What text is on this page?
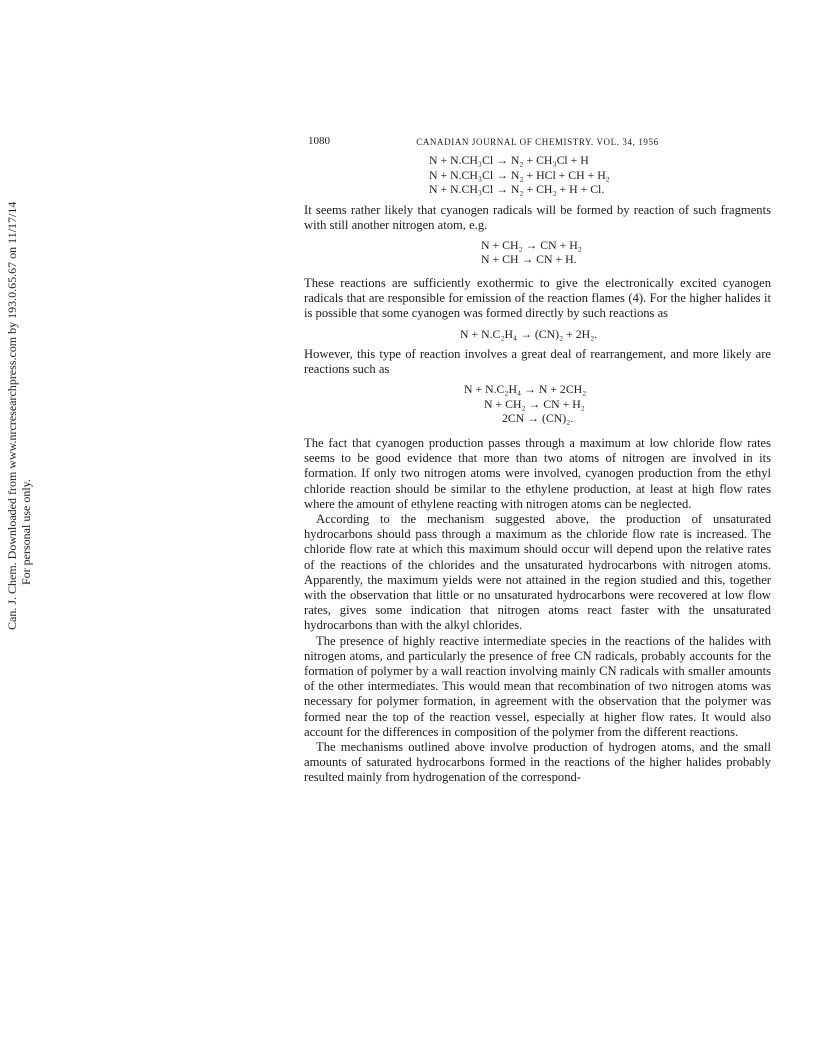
Can. J. Chem. Downloaded from www.nrcresearchpress.com by 193.0.65.67 on 11/17/14 For personal use only.
1080	CANADIAN JOURNAL OF CHEMISTRY. VOL. 34, 1956
N + N.CH₃Cl → N₂ + CH₃Cl + H
N + N.CH₃Cl → N₂ + HCl + CH + H₂
N + N.CH₃Cl → N₂ + CH₂ + H + Cl.

It seems rather likely that cyanogen radicals will be formed by reaction of such fragments with still another nitrogen atom, e.g.

N + CH₂ → CN + H₂
N + CH → CN + H.

These reactions are sufficiently exothermic to give the electronically excited cyanogen radicals that are responsible for emission of the reaction flames (4). For the higher halides it is possible that some cyanogen was formed directly by such reactions as

N + N.C₂H₄ → (CN)₂ + 2H₂.

However, this type of reaction involves a great deal of rearrangement, and more likely are reactions such as

N + N.C₂H₄ → N + 2CH₂
N + CH₂ → CN + H₂
2CN → (CN)₂.

The fact that cyanogen production passes through a maximum at low chloride flow rates seems to be good evidence that more than two atoms of nitrogen are involved in its formation. If only two nitrogen atoms were involved, cyanogen production from the ethyl chloride reaction should be similar to the ethylene production, at least at high flow rates where the amount of ethylene reacting with nitrogen atoms can be neglected.

According to the mechanism suggested above, the production of unsaturated hydrocarbons should pass through a maximum as the chloride flow rate is increased. The chloride flow rate at which this maximum should occur will depend upon the relative rates of the reactions of the chlorides and the unsaturated hydrocarbons with nitrogen atoms. Apparently, the maximum yields were not attained in the region studied and this, together with the observation that little or no unsaturated hydrocarbons were recovered at low flow rates, gives some indication that nitrogen atoms react faster with the unsaturated hydrocarbons than with the alkyl chlorides.

The presence of highly reactive intermediate species in the reactions of the halides with nitrogen atoms, and particularly the presence of free CN radicals, probably accounts for the formation of polymer by a wall reaction involving mainly CN radicals with smaller amounts of the other intermediates. This would mean that recombination of two nitrogen atoms was necessary for polymer formation, in agreement with the observation that the polymer was formed near the top of the reaction vessel, especially at higher flow rates. It would also account for the differences in composition of the polymer from the different reactions.

The mechanisms outlined above involve production of hydrogen atoms, and the small amounts of saturated hydrocarbons formed in the reactions of the higher halides probably resulted mainly from hydrogenation of the correspond-
